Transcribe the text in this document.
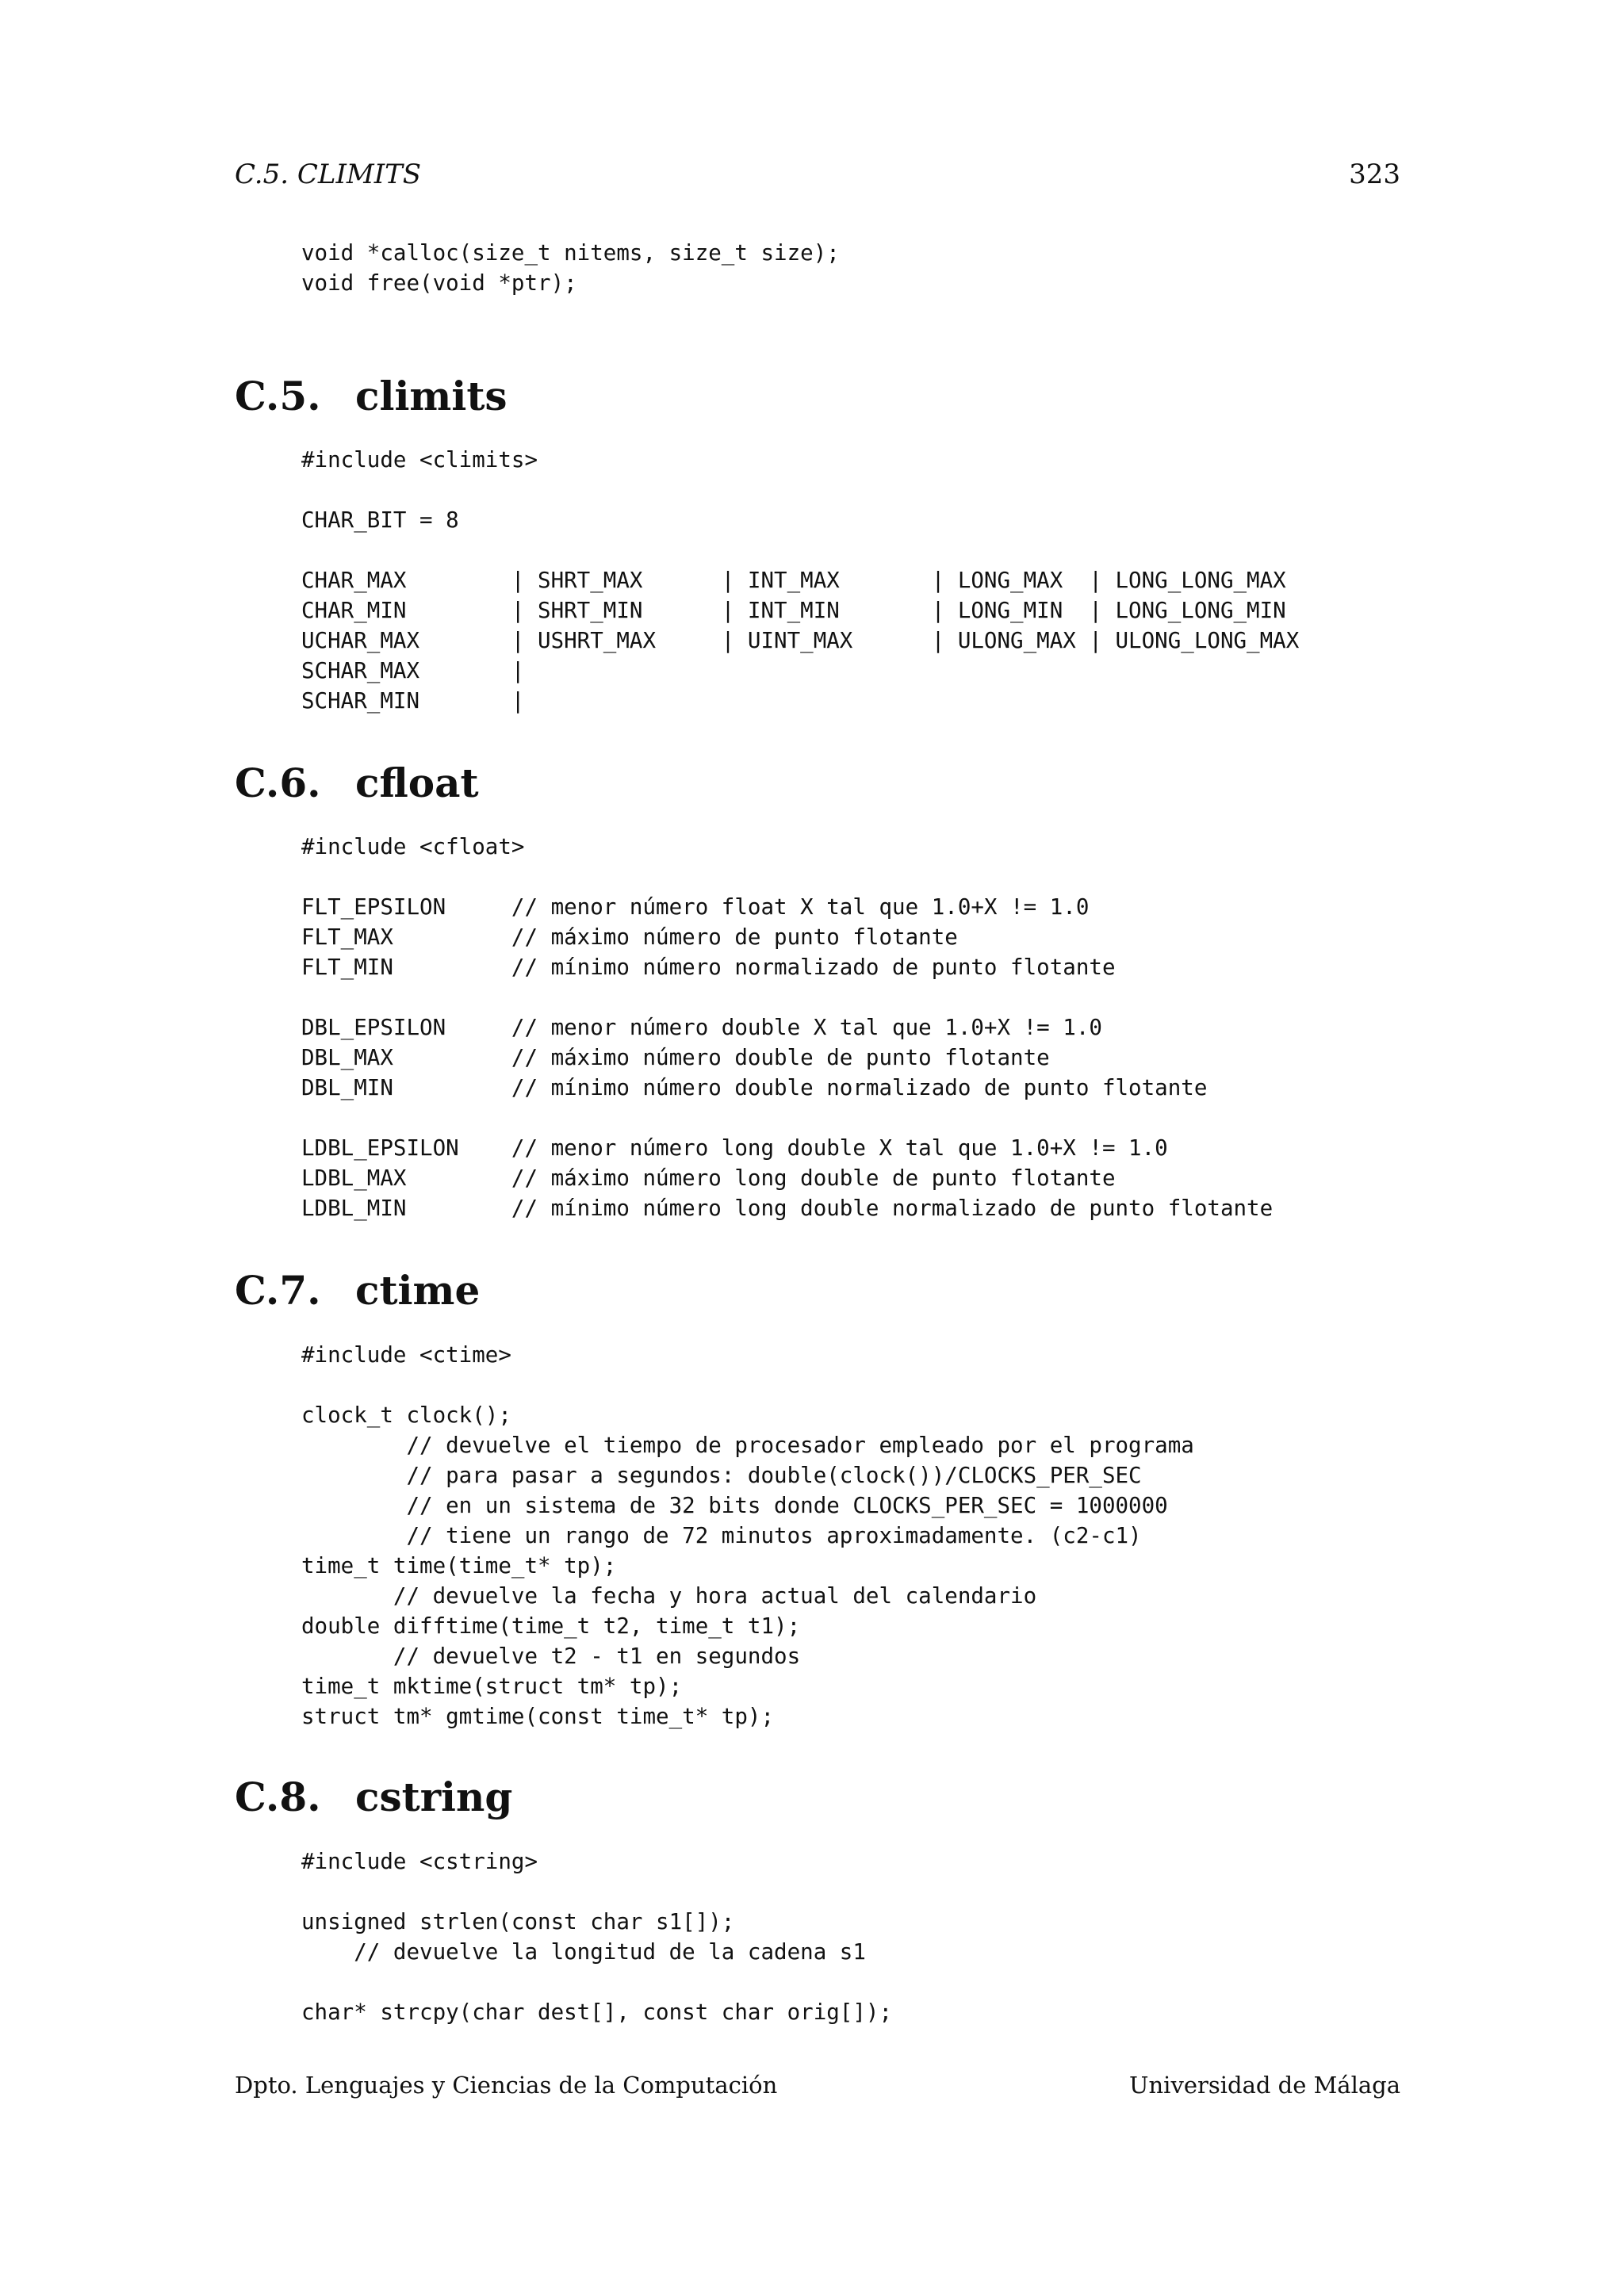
C.5. CLIMITS	323
void *calloc(size_t nitems, size_t size);
void free(void *ptr);
C.5. climits
#include <climits>

CHAR_BIT = 8

CHAR_MAX        | SHRT_MAX      | INT_MAX       | LONG_MAX  | LONG_LONG_MAX
CHAR_MIN        | SHRT_MIN      | INT_MIN       | LONG_MIN  | LONG_LONG_MIN
UCHAR_MAX       | USHRT_MAX     | UINT_MAX      | ULONG_MAX | ULONG_LONG_MAX
SCHAR_MAX       |
SCHAR_MIN       |
C.6. cfloat
#include <cfloat>

FLT_EPSILON     // menor número float X tal que 1.0+X != 1.0
FLT_MAX         // máximo número de punto flotante
FLT_MIN         // mínimo número normalizado de punto flotante

DBL_EPSILON     // menor número double X tal que 1.0+X != 1.0
DBL_MAX         // máximo número double de punto flotante
DBL_MIN         // mínimo número double normalizado de punto flotante

LDBL_EPSILON    // menor número long double X tal que 1.0+X != 1.0
LDBL_MAX        // máximo número long double de punto flotante
LDBL_MIN        // mínimo número long double normalizado de punto flotante
C.7. ctime
#include <ctime>

clock_t clock();
// devuelve el tiempo de procesador empleado por el programa
// para pasar a segundos: double(clock())/CLOCKS_PER_SEC
// en un sistema de 32 bits donde CLOCKS_PER_SEC = 1000000
// tiene un rango de 72 minutos aproximadamente. (c2-c1)
time_t time(time_t* tp);
// devuelve la fecha y hora actual del calendario
double difftime(time_t t2, time_t t1);
// devuelve t2 - t1 en segundos
time_t mktime(struct tm* tp);
struct tm* gmtime(const time_t* tp);
C.8. cstring
#include <cstring>

unsigned strlen(const char s1[]);
// devuelve la longitud de la cadena s1

char* strcpy(char dest[], const char orig[]);
Dpto. Lenguajes y Ciencias de la Computación	Universidad de Málaga
